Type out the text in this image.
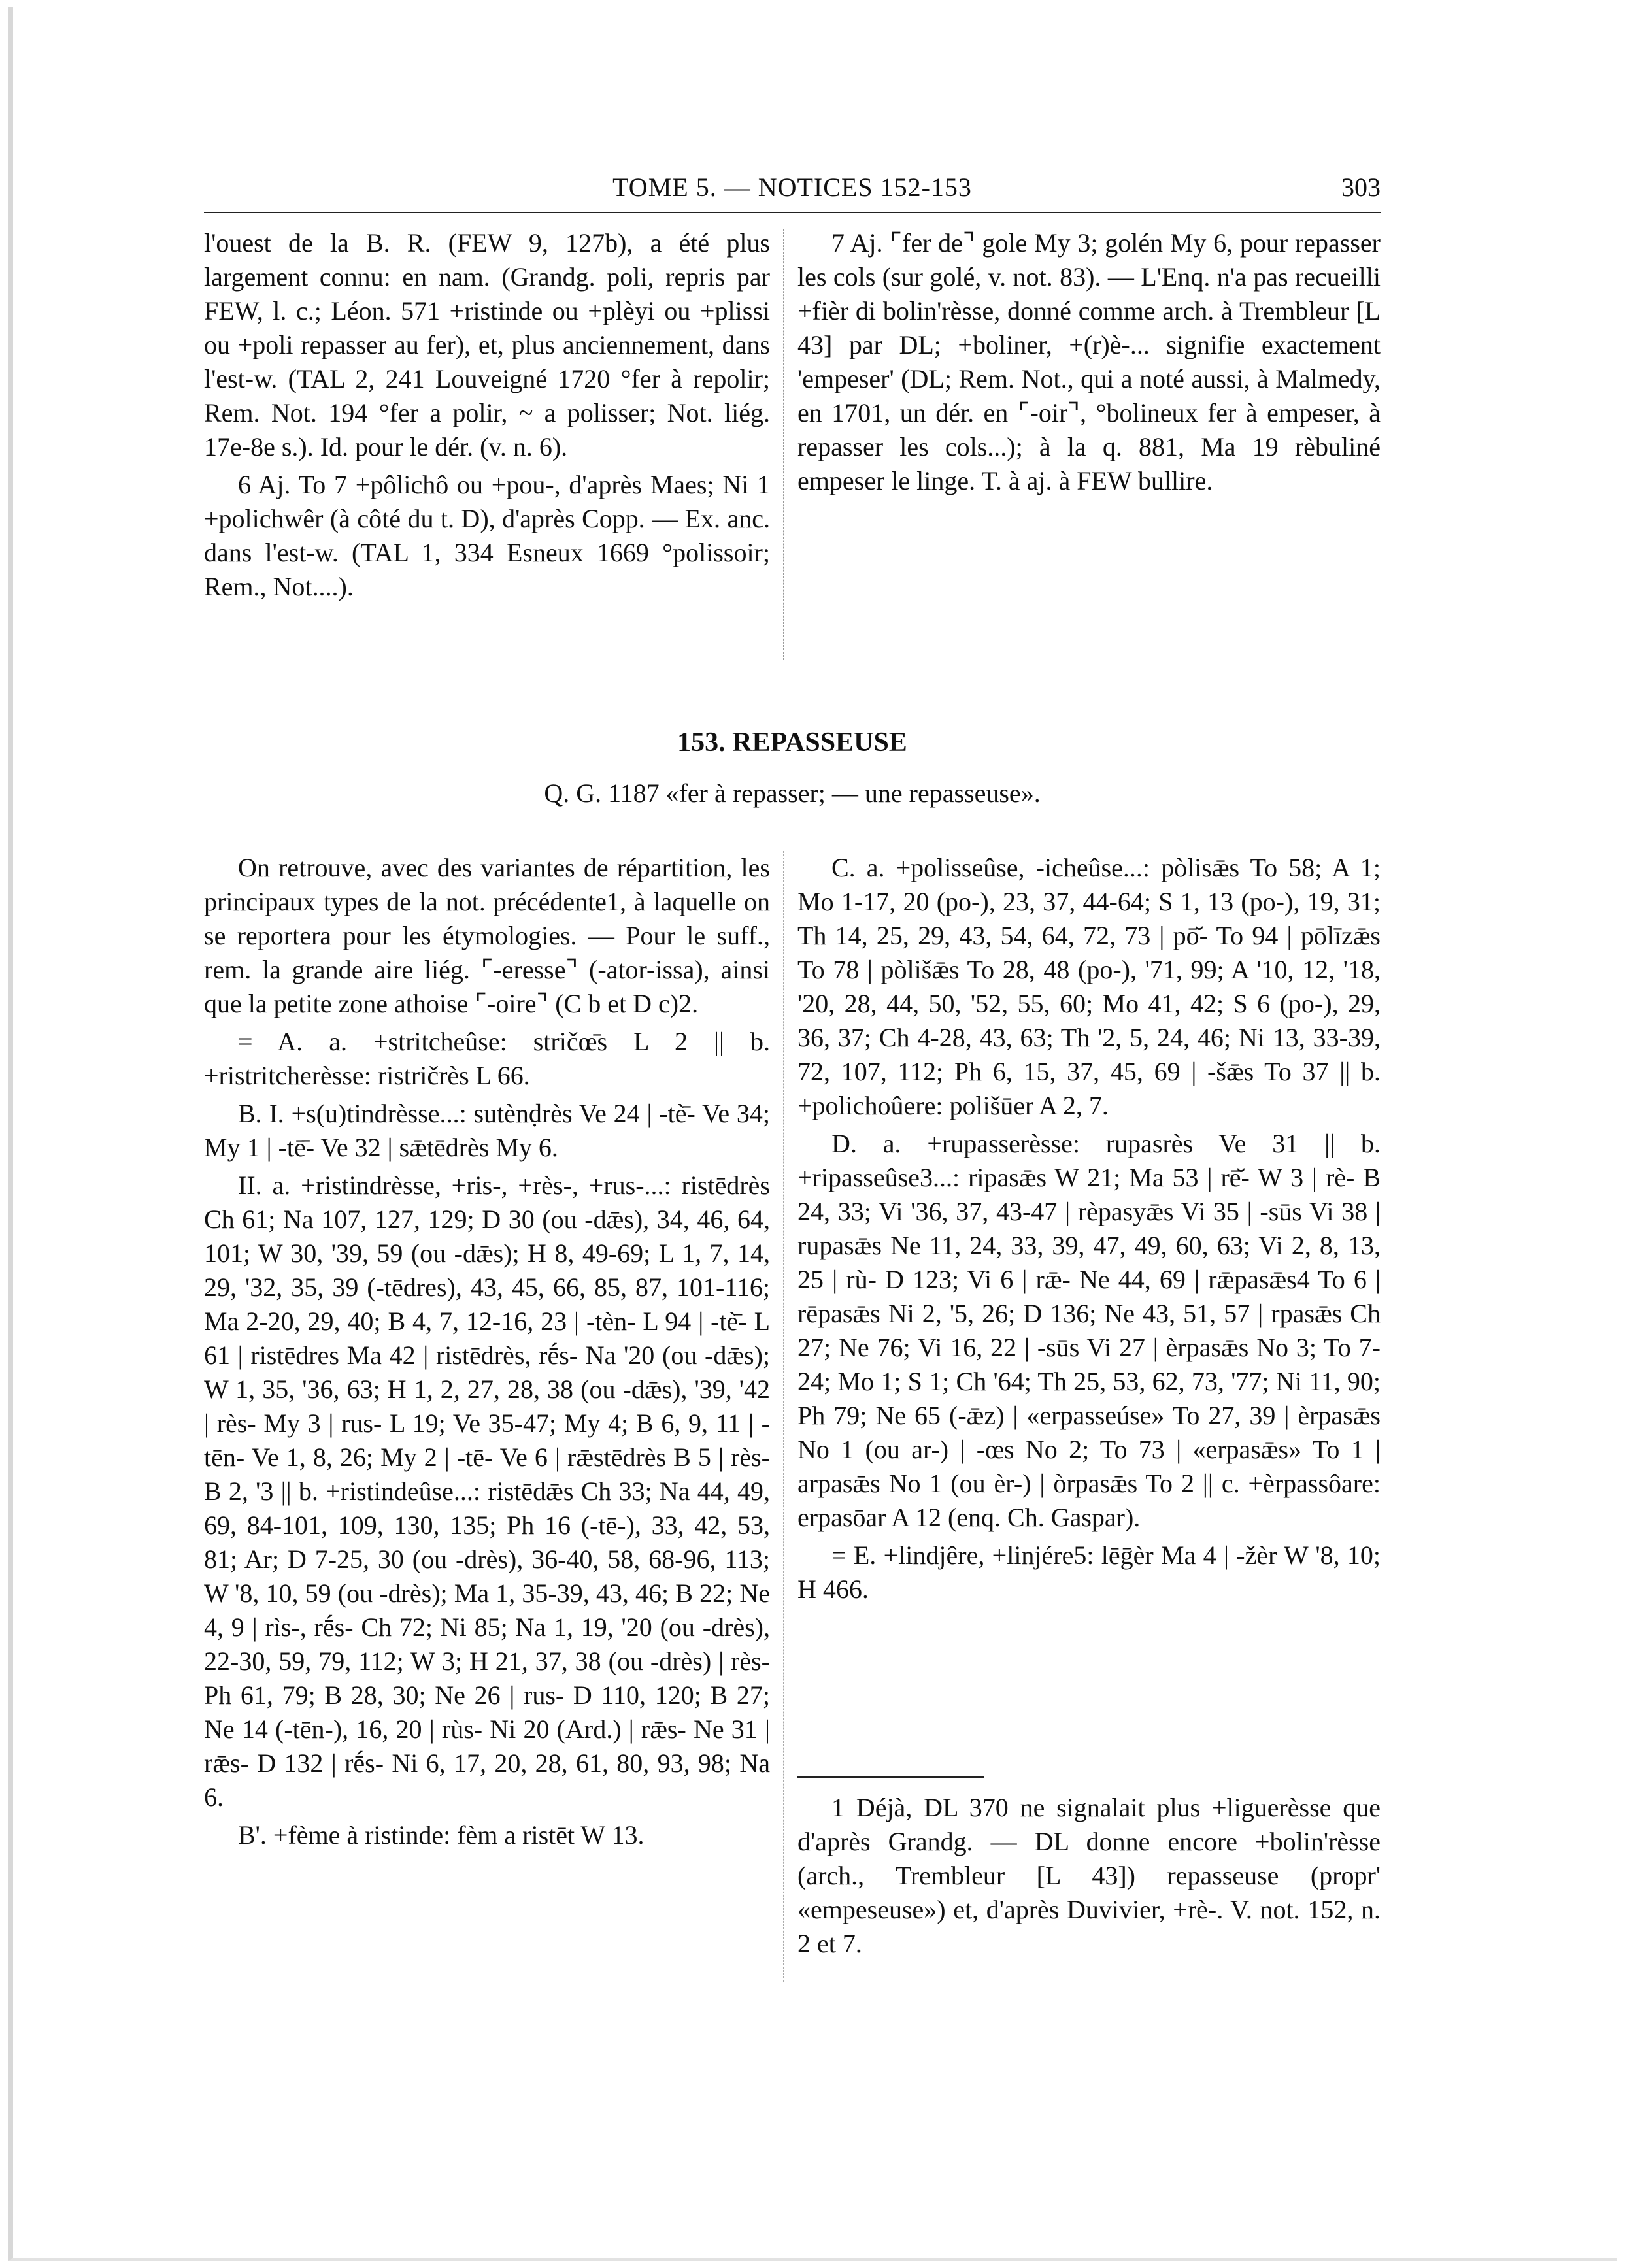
TOME 5. — NOTICES 152-153	303

l'ouest de la B. R. (FEW 9, 127b), a été plus largement connu: en nam. (Grandg. poli, repris par FEW, l. c.; Léon. 571 +ristinde ou +plèyi ou +plissi ou +poli repasser au fer), et, plus anciennement, dans l'est-w. (TAL 2, 241 Louveigné 1720 °fer à repolir; Rem. Not. 194 °fer a polir, ~ a polisser; Not. liég. 17e-8e s.). Id. pour le dér. (v. n. 6).

6 Aj. To 7 +pôlichô ou +pou-, d'après Maes; Ni 1 +polichwêr (à côté du t. D), d'après Copp. — Ex. anc. dans l'est-w. (TAL 1, 334 Esneux 1669 °polissoir; Rem., Not....).

7 Aj. ⌜fer de⌝ gole My 3; golén My 6, pour repasser les cols (sur golé, v. not. 83). — L'Enq. n'a pas recueilli +fièr di bolin'rèsse, donné comme arch. à Trembleur [L 43] par DL; +boliner, +(r)è-... signifie exactement 'empeser' (DL; Rem. Not., qui a noté aussi, à Malmedy, en 1701, un dér. en ⌜-oir⌝, °bolineux fer à empeser, à repasser les cols...); à la q. 881, Ma 19 rèbuliné empeser le linge. T. à aj. à FEW bullire.

153. REPASSEUSE
Q. G. 1187 «fer à repasser; — une repasseuse».

On retrouve, avec des variantes de répartition, les principaux types de la not. précédente1, à laquelle on se reportera pour les étymologies. — Pour le suff., rem. la grande aire liég. ⌜-eresse⌝ (-ator-issa), ainsi que la petite zone athoise ⌜-oire⌝ (C b et D c)2.

= A. a. +stritcheûse: stričœ̄s L 2 || b. +ristritcherèsse: ristričrès L 66.

B. I. +s(u)tindrèsse...: sutènḍrès Ve 24 | -tè̄- Ve 34; My 1 | -tē̄- Ve 32 | sǣtēdrès My 6.

II. a. +ristindrèsse, +ris-, +rès-, +rus-...: ristēdrès Ch 61; Na 107, 127, 129; D 30 (ou -dǣs), 34, 46, 64, 101; W 30, '39, 59 (ou -dǣs); H 8, 49-69; L 1, 7, 14, 29, '32, 35, 39 (-tēdres), 43, 45, 66, 85, 87, 101-116; Ma 2-20, 29, 40; B 4, 7, 12-16, 23 | -tèn- L 94 | -tè̄- L 61 | ristēdres Ma 42 | ristēdrès, rḗs- Na '20 (ou -dǣs); W 1, 35, '36, 63; H 1, 2, 27, 28, 38 (ou -dǣs), '39, '42 | rès- My 3 | rus- L 19; Ve 35-47; My 4; B 6, 9, 11 | -tēn- Ve 1, 8, 26; My 2 | -tē- Ve 6 | rǣstēdrès B 5 | rès- B 2, '3 || b. +ristindeûse...: ristēdǣs Ch 33; Na 44, 49, 69, 84-101, 109, 130, 135; Ph 16 (-tē-), 33, 42, 53, 81; Ar; D 7-25, 30 (ou -drès), 36-40, 58, 68-96, 113; W '8, 10, 59 (ou -drès); Ma 1, 35-39, 43, 46; B 22; Ne 4, 9 | rìs-, rḗs- Ch 72; Ni 85; Na 1, 19, '20 (ou -drès), 22-30, 59, 79, 112; W 3; H 21, 37, 38 (ou -drès) | rès- Ph 61, 79; B 28, 30; Ne 26 | rus- D 110, 120; B 27; Ne 14 (-tēn-), 16, 20 | rùs- Ni 20 (Ard.) | rǣs- Ne 31 | rǣs- D 132 | rḗs- Ni 6, 17, 20, 28, 61, 80, 93, 98; Na 6.

B'. +fème à ristinde: fèm a ristēt W 13.

C. a. +polisseûse, -icheûse...: pòlisǣs To 58; A 1; Mo 1-17, 20 (po-), 23, 37, 44-64; S 1, 13 (po-), 19, 31; Th 14, 25, 29, 43, 54, 64, 72, 73 | pō̆- To 94 | pōlīzǣs To 78 | pòlišǣs To 28, 48 (po-), '71, 99; A '10, 12, '18, '20, 28, 44, 50, '52, 55, 60; Mo 41, 42; S 6 (po-), 29, 36, 37; Ch 4-28, 43, 63; Th '2, 5, 24, 46; Ni 13, 33-39, 72, 107, 112; Ph 6, 15, 37, 45, 69 | -šǣs To 37 || b. +polichoûere: polišūer A 2, 7.

D. a. +rupasserèsse: rupasrès Ve 31 || b. +ripasseûse3...: ripasǣs W 21; Ma 53 | rē̆- W 3 | rè- B 24, 33; Vi '36, 37, 43-47 | rèpasyǣs Vi 35 | -sūs Vi 38 | rupasǣs Ne 11, 24, 33, 39, 47, 49, 60, 63; Vi 2, 8, 13, 25 | rù- D 123; Vi 6 | rǣ- Ne 44, 69 | rǣpasǣs4 To 6 | rēpasǣs Ni 2, '5, 26; D 136; Ne 43, 51, 57 | rpasǣs Ch 27; Ne 76; Vi 16, 22 | -sūs Vi 27 | èrpasǣs No 3; To 7-24; Mo 1; S 1; Ch '64; Th 25, 53, 62, 73, '77; Ni 11, 90; Ph 79; Ne 65 (-ǣz) | «erpasseúse» To 27, 39 | èrpasǣs No 1 (ou ar-) | -œs No 2; To 73 | «erpasǣs» To 1 | arpasǣs No 1 (ou èr-) | òrpasǣs To 2 || c. +èrpassôare: erpasōar A 12 (enq. Ch. Gaspar).

= E. +lindjêre, +linjére5: lēḡèr Ma 4 | -žèr W '8, 10; H 466.

1 Déjà, DL 370 ne signalait plus +liguerèsse que d'après Grandg. — DL donne encore +bolin'rèsse (arch., Trembleur [L 43]) repasseuse (propr' «empeseuse») et, d'après Duvivier, +rè-. V. not. 152, n. 2 et 7.
